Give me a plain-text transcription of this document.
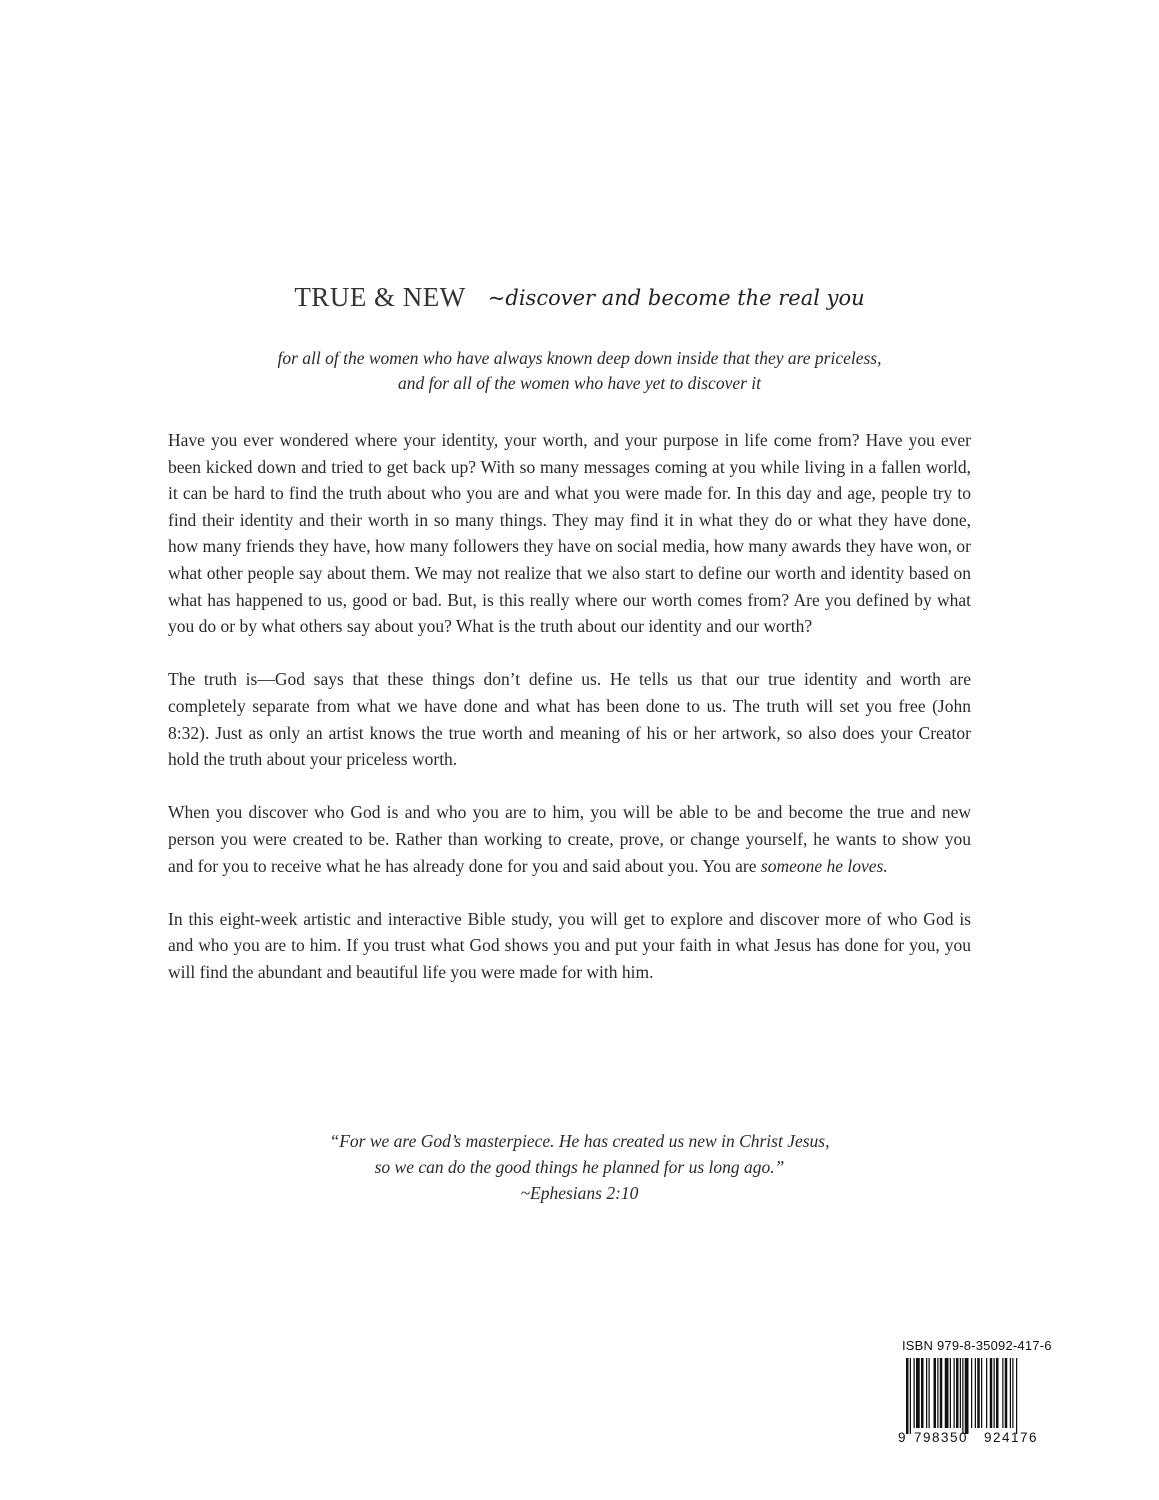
TRUE & NEW ~discover and become the real you
for all of the women who have always known deep down inside that they are priceless,
and for all of the women who have yet to discover it

Have you ever wondered where your identity, your worth, and your purpose in life come from? Have you ever been kicked down and tried to get back up? With so many messages coming at you while living in a fallen world, it can be hard to find the truth about who you are and what you were made for. In this day and age, people try to find their identity and their worth in so many things. They may find it in what they do or what they have done, how many friends they have, how many followers they have on social media, how many awards they have won, or what other people say about them. We may not realize that we also start to define our worth and identity based on what has happened to us, good or bad. But, is this really where our worth comes from? Are you defined by what you do or by what others say about you? What is the truth about our identity and our worth?

The truth is—God says that these things don’t define us. He tells us that our true identity and worth are completely separate from what we have done and what has been done to us. The truth will set you free (John 8:32). Just as only an artist knows the true worth and meaning of his or her artwork, so also does your Creator hold the truth about your priceless worth.

When you discover who God is and who you are to him, you will be able to be and become the true and new person you were created to be. Rather than working to create, prove, or change yourself, he wants to show you and for you to receive what he has already done for you and said about you. You are someone he loves.

In this eight-week artistic and interactive Bible study, you will get to explore and discover more of who God is and who you are to him. If you trust what God shows you and put your faith in what Jesus has done for you, you will find the abundant and beautiful life you were made for with him.

“For we are God’s masterpiece. He has created us new in Christ Jesus,
so we can do the good things he planned for us long ago.”
~Ephesians 2:10
ISBN 979-8-35092-417-6
9 798350 924176
